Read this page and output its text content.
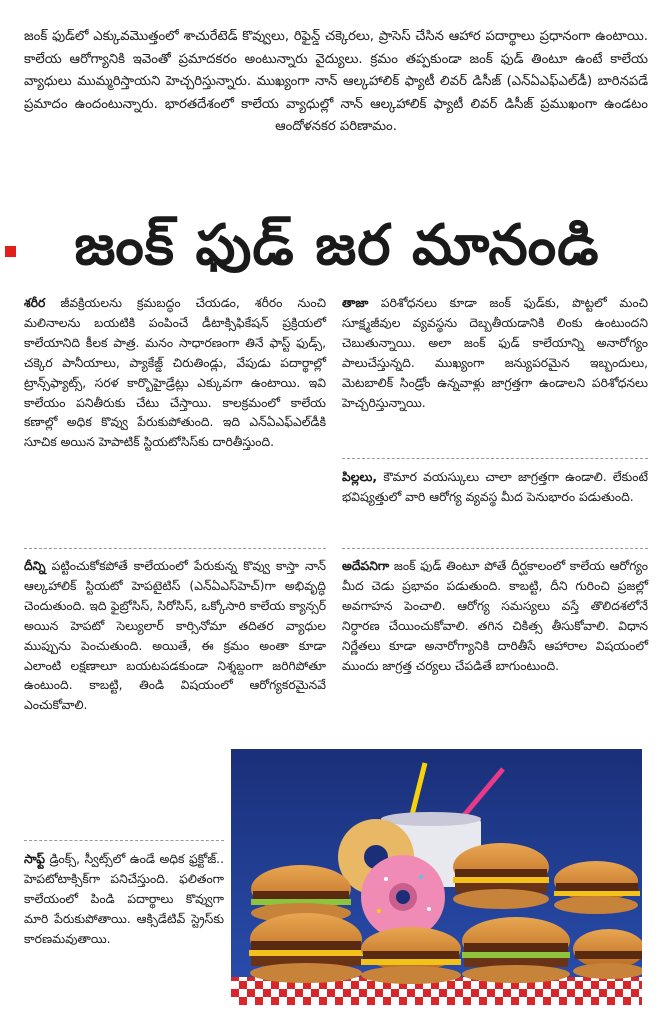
జంక్ ఫుడ్‌లో ఎక్కువమొత్తంలో శాచురేటెడ్ కొవ్వులు, రిఫైన్డ్ చక్కెరలు, ప్రాసెస్ చేసిన ఆహార పదార్థాలు ప్రధానంగా ఉంటాయి. కాలేయ ఆరోగ్యానికి ఇవెంతో ప్రమాదకరం అంటున్నారు వైద్యులు. క్రమం తప్పకుండా జంక్ ఫుడ్ తింటూ ఉంటే కాలేయ వ్యాధులు ముమ్మరిస్తాయని హెచ్చరిస్తున్నారు. ముఖ్యంగా నాన్ ఆల్కహాలిక్ ఫ్యాటీ లివర్ డిసీజ్ (ఎన్ఏఎఫ్ఎల్‌డీ) బారినపడే ప్రమాదం ఉందంటున్నారు. భారతదేశంలో కాలేయ వ్యాధుల్లో నాన్ ఆల్కహాలిక్ ఫ్యాటీ లివర్ డిసీజ్ ప్రముఖంగా ఉండటం ఆందోళనకర పరిణామం.

జంక్ ఫుడ్ జర మానండి

శరీర జీవక్రియలను క్రమబద్ధం చేయడం, శరీరం నుంచి మలినాలను బయటికి పంపించే డీటాక్సిఫికేషన్ ప్రక్రియలో కాలేయానిది కీలక పాత్ర. మనం సాధారణంగా తినే ఫాస్ట్ ఫుడ్స్, చక్కెర పానీయాలు, ప్యాకేజ్డ్ చిరుతిండ్లు, వేపుడు పదార్థాల్లో ట్రాన్స్‌ఫ్యాట్స్, సరళ కార్బొహైడ్రేట్లు ఎక్కువగా ఉంటాయి. ఇవి కాలేయం పనితీరుకు చేటు చేస్తాయి. కాలక్రమంలో కాలేయ కణాల్లో అధిక కొవ్వు పేరుకుపోతుంది. ఇది ఎన్ఏఎఫ్ఎల్‌డీకి సూచిక అయిన హెపాటిక్ స్టియటోసిస్‌కు దారితీస్తుంది.

దీన్ని పట్టించుకోకపోతే కాలేయంలో పేరుకున్న కొవ్వు కాస్తా నాన్ ఆల్కహాలిక్ స్టియటో హెపటైటిస్ (ఎన్ఏఎస్‌హెచ్)గా అభివృద్ధి చెందుతుంది. ఇది ఫైబ్రోసిస్, సిరోసిస్, ఒక్కోసారి కాలేయ క్యాన్సర్ అయిన హెపటో సెల్యులార్ కార్సినోమా తదితర వ్యాధుల ముప్పును పెంచుతుంది. అయితే, ఈ క్రమం అంతా కూడా ఎలాంటి లక్షణాలూ బయటపడకుండా నిశ్శబ్దంగా జరిగిపోతూ ఉంటుంది. కాబట్టి, తిండి విషయంలో ఆరోగ్యకరమైనవే ఎంచుకోవాలి.

సాఫ్ట్ డ్రింక్స్, స్వీట్స్‌లో ఉండే అధిక ఫ్రక్టోజ్.. హెపటోటాక్సిక్‌గా పనిచేస్తుంది. ఫలితంగా కాలేయంలో పిండి పదార్థాలు కొవ్వుగా మారి పేరుకుపోతాయి. ఆక్సిడేటివ్ స్ట్రెస్‌కు కారణమవుతాయి.

తాజా పరిశోధనలు కూడా జంక్ ఫుడ్‌కు, పొట్టలో మంచి సూక్ష్మజీవుల వ్యవస్థను దెబ్బతీయడానికి లింకు ఉంటుందని చెబుతున్నాయి. అలా జంక్ ఫుడ్ కాలేయాన్ని అనారోగ్యం పాలుచేస్తున్నది. ముఖ్యంగా జన్యుపరమైన ఇబ్బందులు, మెటబాలిక్ సిండ్రోం ఉన్నవాళ్లు జాగ్రత్తగా ఉండాలని పరిశోధనలు హెచ్చరిస్తున్నాయి.

పిల్లలు, కౌమార వయస్కులు చాలా జాగ్రత్తగా ఉండాలి. లేకుంటే భవిష్యత్తులో వారి ఆరోగ్య వ్యవస్థ మీద పెనుభారం పడుతుంది.

అదేపనిగా జంక్ ఫుడ్ తింటూ పోతే దీర్ఘకాలంలో కాలేయ ఆరోగ్యం మీద చెడు ప్రభావం పడుతుంది. కాబట్టి, దీని గురించి ప్రజల్లో అవగాహన పెంచాలి. ఆరోగ్య సమస్యలు వస్తే తొలిదశలోనే నిర్ధారణ చేయించుకోవాలి. తగిన చికిత్స తీసుకోవాలి. విధాన నిర్ణేతలు కూడా అనారోగ్యానికి దారితీసే ఆహారాల విషయంలో ముందు జాగ్రత్త చర్యలు చేపడితే బాగుంటుంది.
